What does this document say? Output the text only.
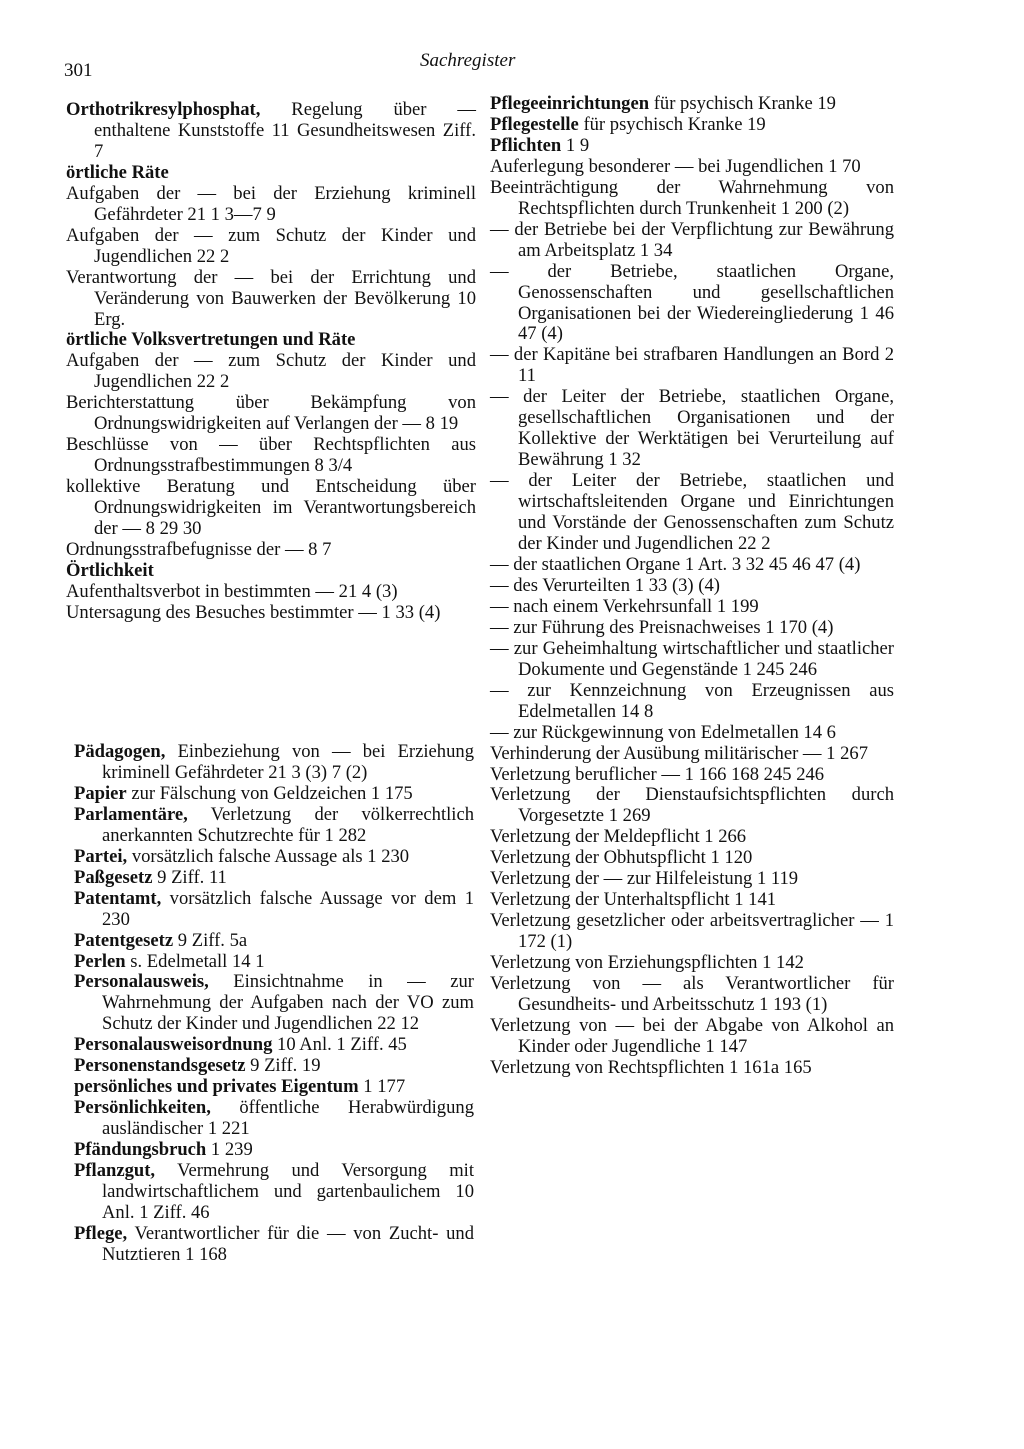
301	Sachregister

Orthotrikresylphosphat, Regelung über — enthaltene Kunststoffe 11 Gesundheitswesen Ziff. 7

örtliche Räte

Aufgaben der — bei der Erziehung kriminell Gefährdeter 21 1 3—7 9

Aufgaben der — zum Schutz der Kinder und Jugendlichen 22 2

Verantwortung der — bei der Errichtung und Veränderung von Bauwerken der Bevölkerung 10 Erg.

örtliche Volksvertretungen und Räte

Aufgaben der — zum Schutz der Kinder und Jugendlichen 22 2

Berichterstattung über Bekämpfung von Ordnungswidrigkeiten auf Verlangen der — 8 19

Beschlüsse von — über Rechtspflichten aus Ordnungsstrafbestimmungen 8 3/4

kollektive Beratung und Entscheidung über Ordnungswidrigkeiten im Verantwortungsbereich der — 8 29 30

Ordnungsstrafbefugnisse der — 8 7

Örtlichkeit

Aufenthaltsverbot in bestimmten — 21 4 (3)

Untersagung des Besuches bestimmter — 1 33 (4)

Pädagogen, Einbeziehung von — bei Erziehung kriminell Gefährdeter 21 3 (3) 7 (2)

Papier zur Fälschung von Geldzeichen 1 175

Parlamentäre, Verletzung der völkerrechtlich anerkannten Schutzrechte für 1 282

Partei, vorsätzlich falsche Aussage als 1 230

Paßgesetz 9 Ziff. 11

Patentamt, vorsätzlich falsche Aussage vor dem 1 230

Patentgesetz 9 Ziff. 5a

Perlen s. Edelmetall 14 1

Personalausweis, Einsichtnahme in — zur Wahrnehmung der Aufgaben nach der VO zum Schutz der Kinder und Jugendlichen 22 12

Personalausweisordnung 10 Anl. 1 Ziff. 45

Personenstandsgesetz 9 Ziff. 19

persönliches und privates Eigentum 1 177

Persönlichkeiten, öffentliche Herabwürdigung ausländischer 1 221

Pfändungsbruch 1 239

Pflanzgut, Vermehrung und Versorgung mit landwirtschaftlichem und gartenbaulichem 10 Anl. 1 Ziff. 46

Pflege, Verantwortlicher für die — von Zucht- und Nutztieren 1 168

Pflegeeinrichtungen für psychisch Kranke 19

Pflegestelle für psychisch Kranke 19

Pflichten 1 9

Auferlegung besonderer — bei Jugendlichen 1 70

Beeinträchtigung der Wahrnehmung von Rechtspflichten durch Trunkenheit 1 200 (2)

— der Betriebe bei der Verpflichtung zur Bewährung am Arbeitsplatz 1 34

— der Betriebe, staatlichen Organe, Genossenschaften und gesellschaftlichen Organisationen bei der Wiedereingliederung 1 46 47 (4)

— der Kapitäne bei strafbaren Handlungen an Bord 2 11

— der Leiter der Betriebe, staatlichen Organe, gesellschaftlichen Organisationen und der Kollektive der Werktätigen bei Verurteilung auf Bewährung 1 32

— der Leiter der Betriebe, staatlichen und wirtschaftsleitenden Organe und Einrichtungen und Vorstände der Genossenschaften zum Schutz der Kinder und Jugendlichen 22 2

— der staatlichen Organe 1 Art. 3 32 45 46 47 (4)

— des Verurteilten 1 33 (3) (4)

— nach einem Verkehrsunfall 1 199

— zur Führung des Preisnachweises 1 170 (4)

— zur Geheimhaltung wirtschaftlicher und staatlicher Dokumente und Gegenstände 1 245 246

— zur Kennzeichnung von Erzeugnissen aus Edelmetallen 14 8

— zur Rückgewinnung von Edelmetallen 14 6

Verhinderung der Ausübung militärischer — 1 267

Verletzung beruflicher — 1 166 168 245 246

Verletzung der Dienstaufsichtspflichten durch Vorgesetzte 1 269

Verletzung der Meldepflicht 1 266

Verletzung der Obhutspflicht 1 120

Verletzung der — zur Hilfeleistung 1 119

Verletzung der Unterhaltspflicht 1 141

Verletzung gesetzlicher oder arbeitsvertraglicher — 1 172 (1)

Verletzung von Erziehungspflichten 1 142

Verletzung von — als Verantwortlicher für Gesundheits- und Arbeitsschutz 1 193 (1)

Verletzung von — bei der Abgabe von Alkohol an Kinder oder Jugendliche 1 147

Verletzung von Rechtspflichten 1 161a 165
